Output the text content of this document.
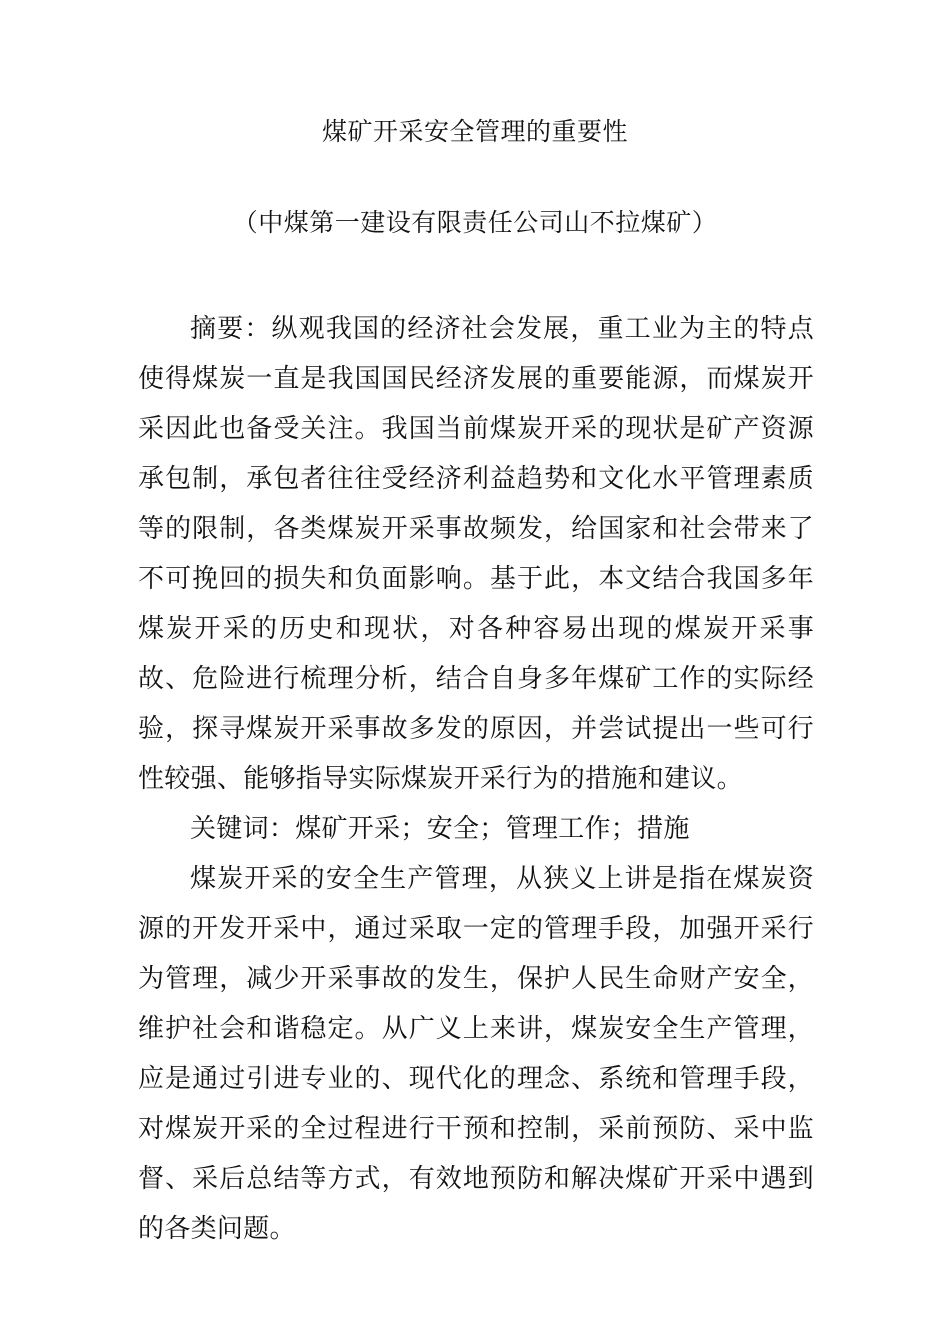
煤矿开采安全管理的重要性
（中煤第一建设有限责任公司山不拉煤矿）

摘要：纵观我国的经济社会发展，重工业为主的特点使得煤炭一直是我国国民经济发展的重要能源，而煤炭开采因此也备受关注。我国当前煤炭开采的现状是矿产资源承包制，承包者往往受经济利益趋势和文化水平管理素质等的限制，各类煤炭开采事故频发，给国家和社会带来了不可挽回的损失和负面影响。基于此，本文结合我国多年煤炭开采的历史和现状，对各种容易出现的煤炭开采事故、危险进行梳理分析，结合自身多年煤矿工作的实际经验，探寻煤炭开采事故多发的原因，并尝试提出一些可行性较强、能够指导实际煤炭开采行为的措施和建议。

关键词：煤矿开采；安全；管理工作；措施

煤炭开采的安全生产管理，从狭义上讲是指在煤炭资源的开发开采中，通过采取一定的管理手段，加强开采行为管理，减少开采事故的发生，保护人民生命财产安全，维护社会和谐稳定。从广义上来讲，煤炭安全生产管理，应是通过引进专业的、现代化的理念、系统和管理手段，对煤炭开采的全过程进行干预和控制，采前预防、采中监督、采后总结等方式，有效地预防和解决煤矿开采中遇到的各类问题。
